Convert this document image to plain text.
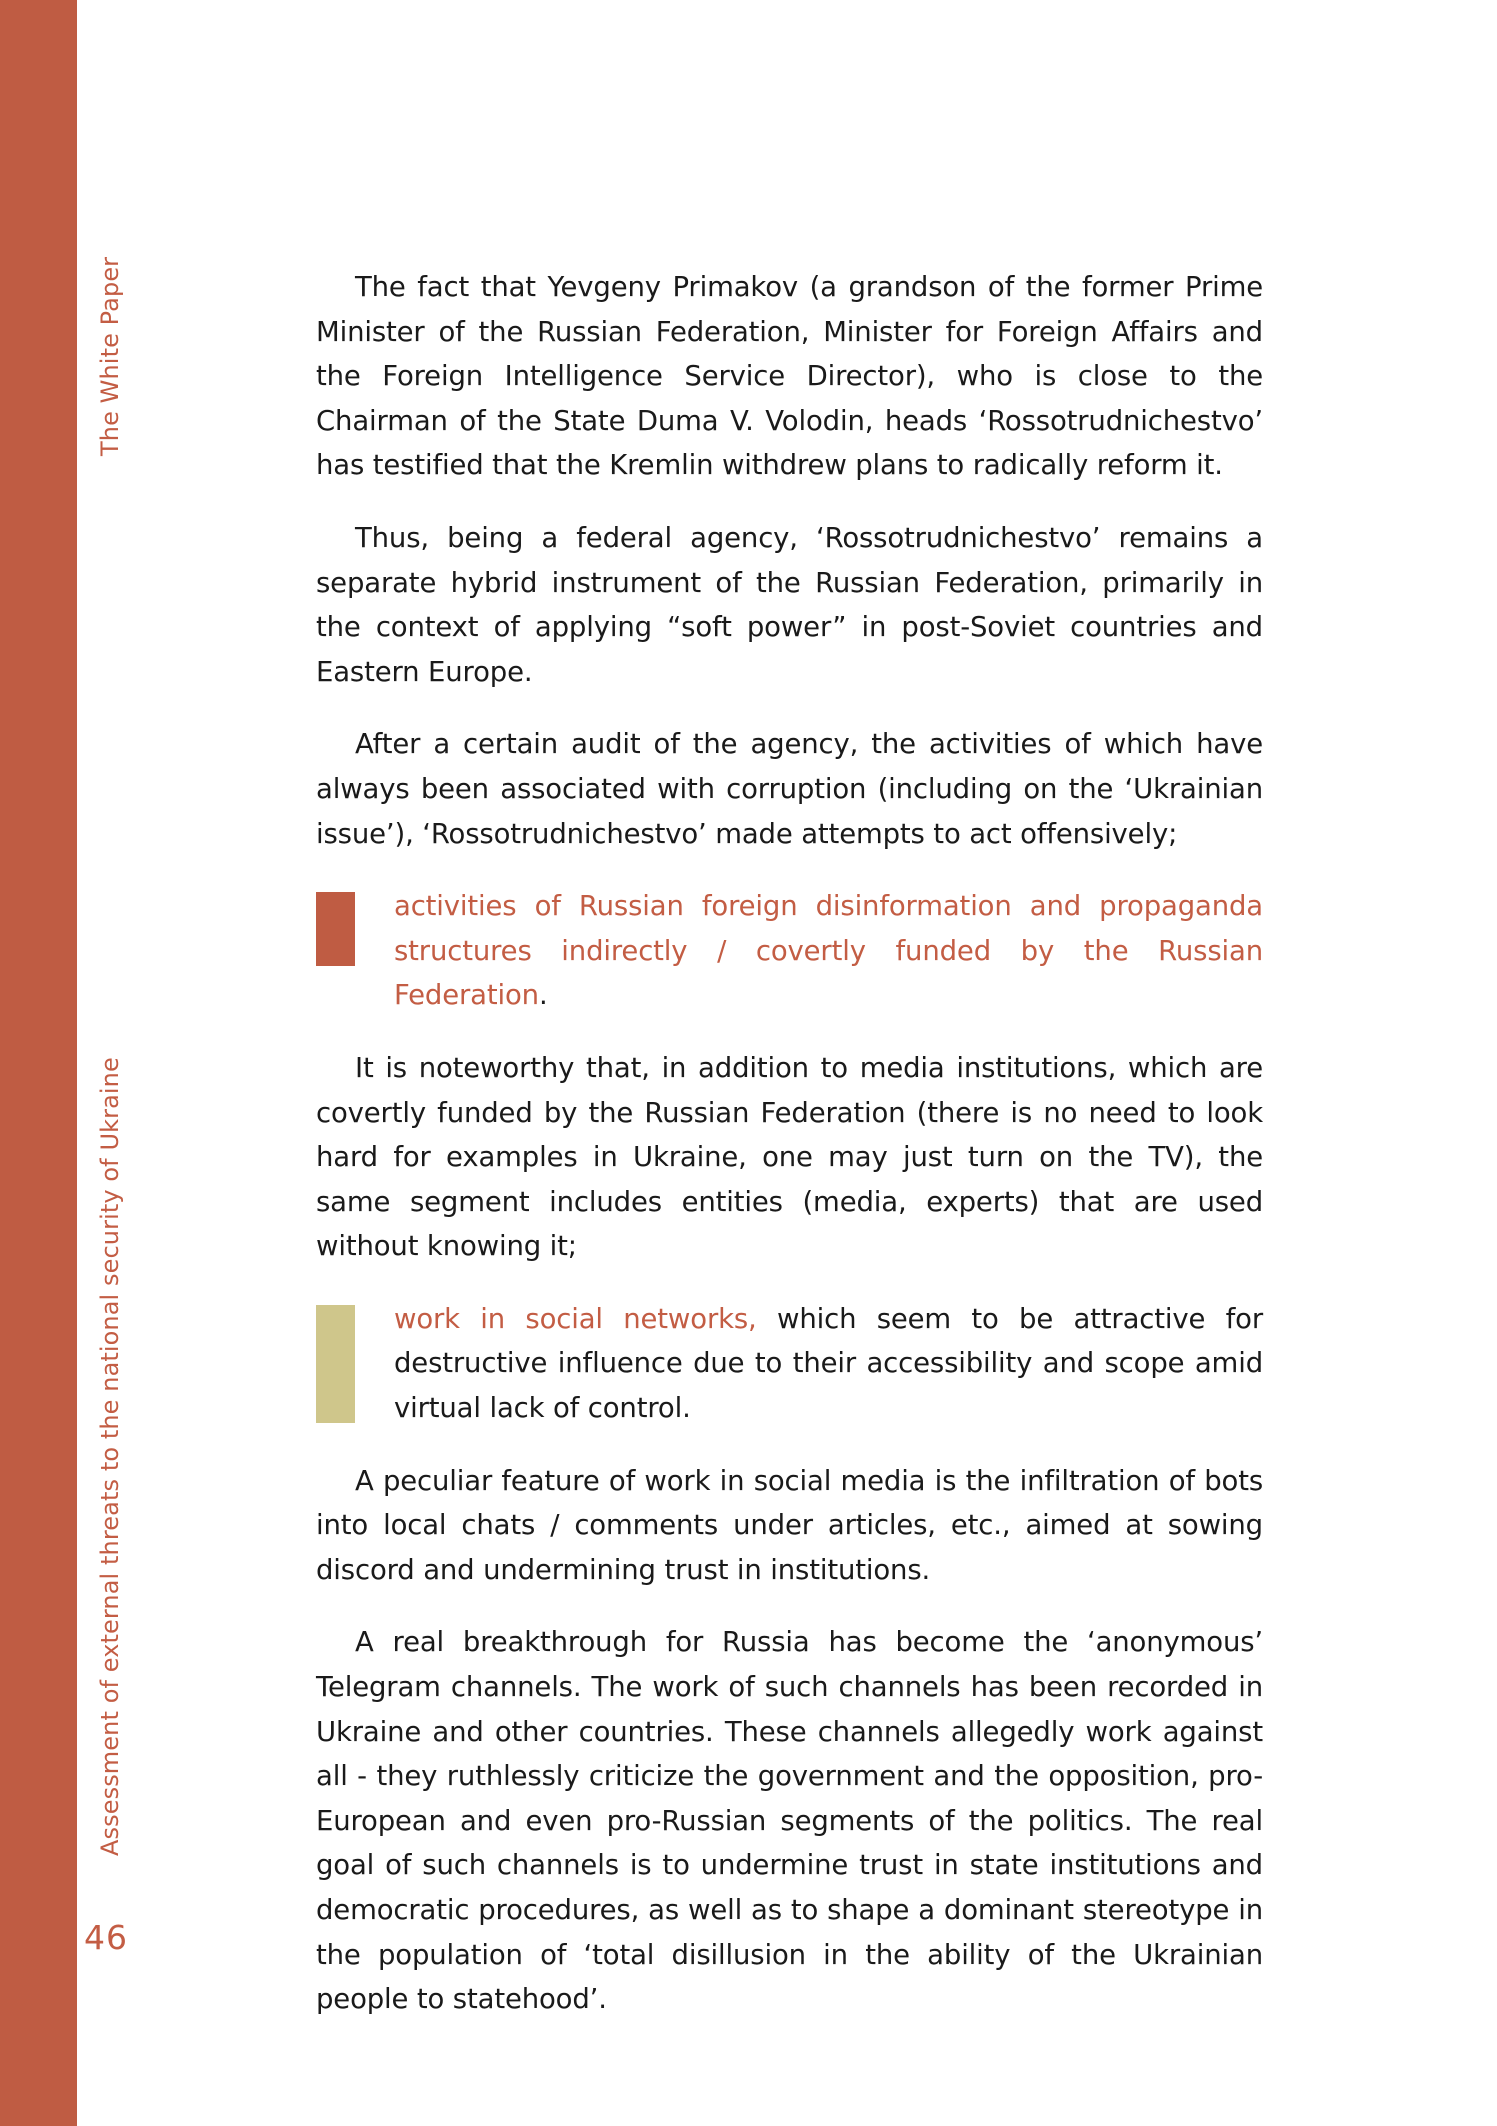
The White Paper
Assessment of external threats to the national security of Ukraine
46

The fact that Yevgeny Primakov (a grandson of the former Prime Minister of the Russian Federation, Minister for Foreign Affairs and the Foreign Intelligence Service Director), who is close to the Chairman of the State Duma V. Volodin, heads ‘Rossotrudnichestvo’ has testified that the Kremlin withdrew plans to radically reform it.

Thus, being a federal agency, ‘Rossotrudnichestvo’ remains a separate hybrid instrument of the Russian Federation, primarily in the context of applying “soft power” in post-Soviet countries and Eastern Europe.

After a certain audit of the agency, the activities of which have always been associated with corruption (including on the ‘Ukrainian issue’), ‘Rossotrudnichestvo’ made attempts to act offensively;

activities of Russian foreign disinformation and propaganda structures indirectly / covertly funded by the Russian Federation.

It is noteworthy that, in addition to media institutions, which are covertly funded by the Russian Federation (there is no need to look hard for examples in Ukraine, one may just turn on the TV), the same segment includes entities (media, experts) that are used without knowing it;

work in social networks, which seem to be attractive for destructive influence due to their accessibility and scope amid virtual lack of control.

A peculiar feature of work in social media is the infiltration of bots into local chats / comments under articles, etc., aimed at sowing discord and undermining trust in institutions.

A real breakthrough for Russia has become the ‘anonymous’ Telegram channels. The work of such channels has been recorded in Ukraine and other countries. These channels allegedly work against all - they ruthlessly criticize the government and the opposition, pro-European and even pro-Russian segments of the politics. The real goal of such channels is to undermine trust in state institutions and democratic procedures, as well as to shape a dominant stereotype in the population of ‘total disillusion in the ability of the Ukrainian people to statehood’.
